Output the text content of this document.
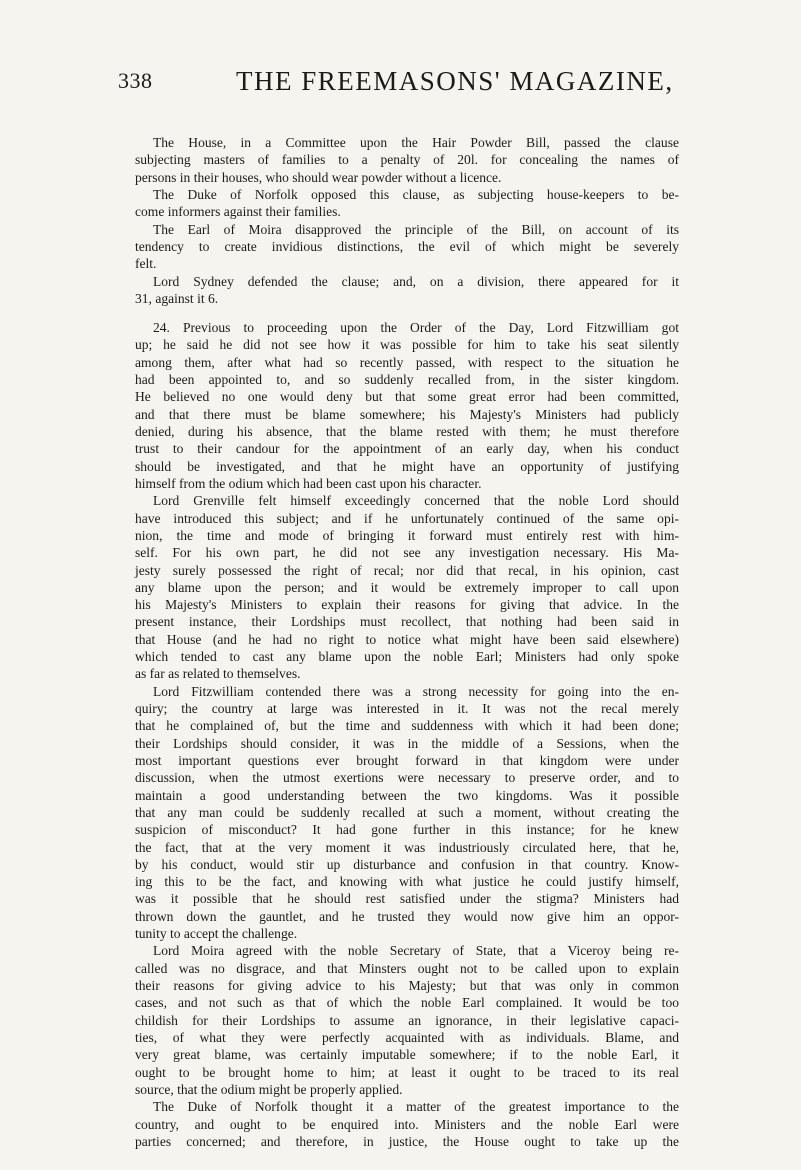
338	THE FREEMASONS' MAGAZINE,
The House, in a Committee upon the Hair Powder Bill, passed the clause
subjecting masters of families to a penalty of 20l. for concealing the names of
persons in their houses, who should wear powder without a licence.
The Duke of Norfolk opposed this clause, as subjecting house-keepers to be-
come informers against their families.
The Earl of Moira disapproved the principle of the Bill, on account of its
tendency to create invidious distinctions, the evil of which might be severely
felt.
Lord Sydney defended the clause; and, on a division, there appeared for it
31, against it 6.
24. Previous to proceeding upon the Order of the Day, Lord Fitzwilliam got
up; he said he did not see how it was possible for him to take his seat silently
among them, after what had so recently passed, with respect to the situation he
had been appointed to, and so suddenly recalled from, in the sister kingdom.
He believed no one would deny but that some great error had been committed,
and that there must be blame somewhere; his Majesty's Ministers had publicly
denied, during his absence, that the blame rested with them; he must therefore
trust to their candour for the appointment of an early day, when his conduct
should be investigated, and that he might have an opportunity of justifying
himself from the odium which had been cast upon his character.
Lord Grenville felt himself exceedingly concerned that the noble Lord should
have introduced this subject; and if he unfortunately continued of the same opi-
nion, the time and mode of bringing it forward must entirely rest with him-
self. For his own part, he did not see any investigation necessary. His Ma-
jesty surely possessed the right of recal; nor did that recal, in his opinion, cast
any blame upon the person; and it would be extremely improper to call upon
his Majesty's Ministers to explain their reasons for giving that advice. In the
present instance, their Lordships must recollect, that nothing had been said in
that House (and he had no right to notice what might have been said elsewhere)
which tended to cast any blame upon the noble Earl; Ministers had only spoke
as far as related to themselves.
Lord Fitzwilliam contended there was a strong necessity for going into the en-
quiry; the country at large was interested in it. It was not the recal merely
that he complained of, but the time and suddenness with which it had been done;
their Lordships should consider, it was in the middle of a Sessions, when the
most important questions ever brought forward in that kingdom were under
discussion, when the utmost exertions were necessary to preserve order, and to
maintain a good understanding between the two kingdoms. Was it possible
that any man could be suddenly recalled at such a moment, without creating the
suspicion of misconduct? It had gone further in this instance; for he knew
the fact, that at the very moment it was industriously circulated here, that he,
by his conduct, would stir up disturbance and confusion in that country. Know-
ing this to be the fact, and knowing with what justice he could justify himself,
was it possible that he should rest satisfied under the stigma? Ministers had
thrown down the gauntlet, and he trusted they would now give him an oppor-
tunity to accept the challenge.
Lord Moira agreed with the noble Secretary of State, that a Viceroy being re-
called was no disgrace, and that Minsters ought not to be called upon to explain
their reasons for giving advice to his Majesty; but that was only in common
cases, and not such as that of which the noble Earl complained. It would be too
childish for their Lordships to assume an ignorance, in their legislative capaci-
ties, of what they were perfectly acquainted with as individuals. Blame, and
very great blame, was certainly imputable somewhere; if to the noble Earl, it
ought to be brought home to him; at least it ought to be traced to its real
source, that the odium might be properly applied.
The Duke of Norfolk thought it a matter of the greatest importance to the
country, and ought to be enquired into. Ministers and the noble Earl were
parties concerned; and therefore, in justice, the House ought to take up the
